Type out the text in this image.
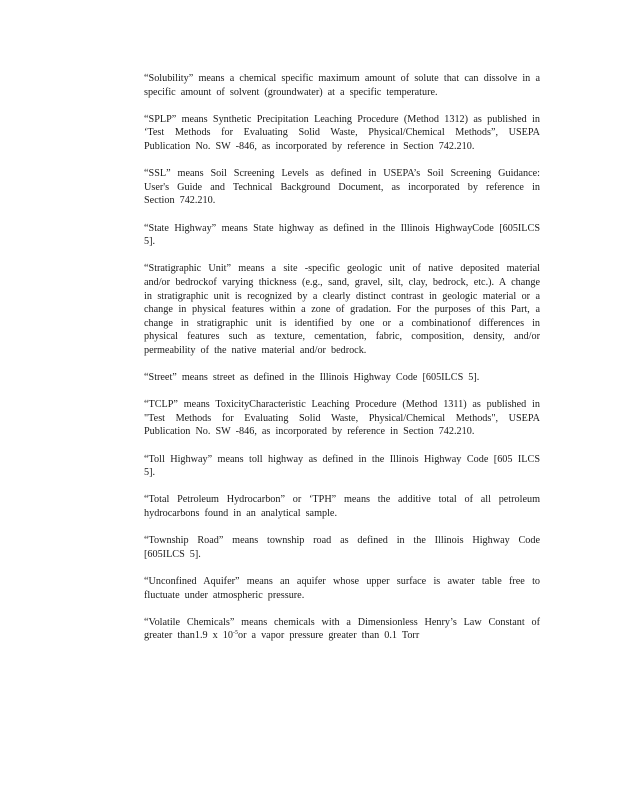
“Solubility” means a chemical specific maximum amount of solute that can dissolve in a specific amount of solvent (groundwater) at a specific temperature.

“SPLP” means Synthetic Precipitation Leaching Procedure (Method 1312) as published in ‘Test Methods for Evaluating Solid Waste, Physical/Chemical Methods”, USEPA Publication No. SW -846, as incorporated by reference in Section 742.210.

“SSL” means Soil Screening Levels as defined in USEPA’s Soil Screening Guidance: User's Guide and Technical Background Document, as incorporated by reference in Section 742.210.

“State Highway” means State highway as defined in the Illinois HighwayCode [605ILCS 5].

“Stratigraphic Unit” means a site -specific geologic unit of native deposited material and/or bedrockof varying thickness (e.g., sand, gravel, silt, clay, bedrock, etc.). A change in stratigraphic unit is recognized by a clearly distinct contrast in geologic material or a change in physical features within a zone of gradation. For the purposes of this Part, a change in stratigraphic unit is identified by one or a combinationof differences in physical features such as texture, cementation, fabric, composition, density, and/or permeability of the native material and/or bedrock.

“Street” means street as defined in the Illinois Highway Code [605ILCS 5].

“TCLP” means ToxicityCharacteristic Leaching Procedure (Method 1311) as published in "Test Methods for Evaluating Solid Waste, Physical/Chemical Methods", USEPA Publication No. SW -846, as incorporated by reference in Section 742.210.

“Toll Highway” means toll highway as defined in the Illinois Highway Code [605 ILCS 5].

“Total Petroleum Hydrocarbon” or ‘TPH” means the additive total of all petroleum hydrocarbons found in an analytical sample.

“Township Road” means township road as defined in the Illinois Highway Code [605ILCS 5].

“Unconfined Aquifer” means an aquifer whose upper surface is awater table free to fluctuate under atmospheric pressure.

“Volatile Chemicals” means chemicals with a Dimensionless Henry’s Law Constant of greater than1.9 x $10^{-5}or$ a vapor pressure greater than 0.1 Torr
